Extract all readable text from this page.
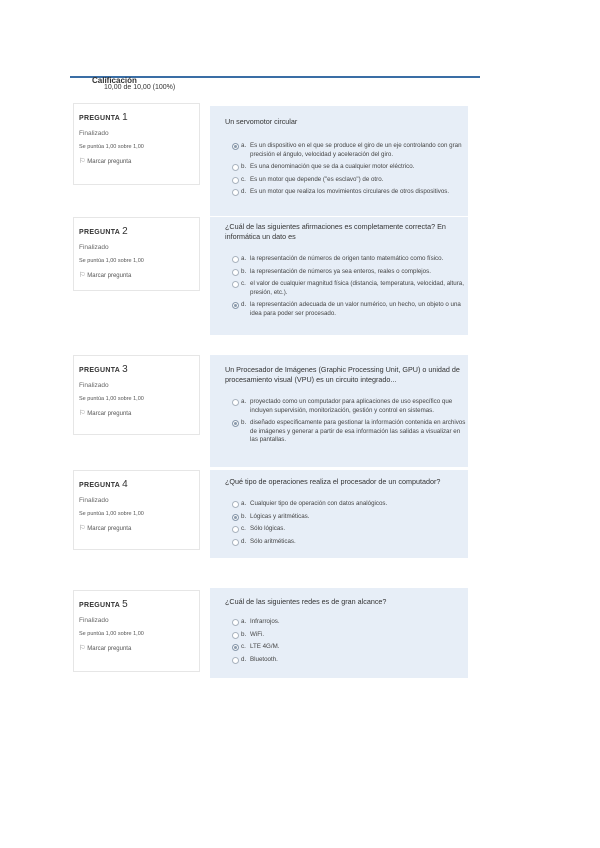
Calificación
10,00 de 10,00 (100%)
PREGUNTA 1
Finalizado
Se puntúa 1,00 sobre 1,00
⚐ Marcar pregunta
Un servomotor circular
a. Es un dispositivo en el que se produce el giro de un eje controlando con gran precisión el ángulo, velocidad y aceleración del giro.
b. Es una denominación que se da a cualquier motor eléctrico.
c. Es un motor que depende ("es esclavo") de otro.
d. Es un motor que realiza los movimientos circulares de otros dispositivos.
PREGUNTA 2
Finalizado
Se puntúa 1,00 sobre 1,00
⚐ Marcar pregunta
¿Cuál de las siguientes afirmaciones es completamente correcta? En informática un dato es
a. la representación de números de origen tanto matemático como físico.
b. la representación de números ya sea enteros, reales o complejos.
c. el valor de cualquier magnitud física (distancia, temperatura, velocidad, altura, presión, etc.).
d. la representación adecuada de un valor numérico, un hecho, un objeto o una idea para poder ser procesado.
PREGUNTA 3
Finalizado
Se puntúa 1,00 sobre 1,00
⚐ Marcar pregunta
Un Procesador de Imágenes (Graphic Processing Unit, GPU) o unidad de procesamiento visual (VPU) es un circuito integrado...
a. proyectado como un computador para aplicaciones de uso específico que incluyen supervisión, monitorización, gestión y control en sistemas.
b. diseñado específicamente para gestionar la información contenida en archivos de imágenes y generar a partir de esa información las salidas a visualizar en las pantallas.
PREGUNTA 4
Finalizado
Se puntúa 1,00 sobre 1,00
⚐ Marcar pregunta
¿Qué tipo de operaciones realiza el procesador de un computador?
a. Cualquier tipo de operación con datos analógicos.
b. Lógicas y aritméticas.
c. Sólo lógicas.
d. Sólo aritméticas.
PREGUNTA 5
Finalizado
Se puntúa 1,00 sobre 1,00
⚐ Marcar pregunta
¿Cuál de las siguientes redes es de gran alcance?
a. Infrarrojos.
b. WiFi.
c. LTE 4G/M.
d. Bluetooth.
